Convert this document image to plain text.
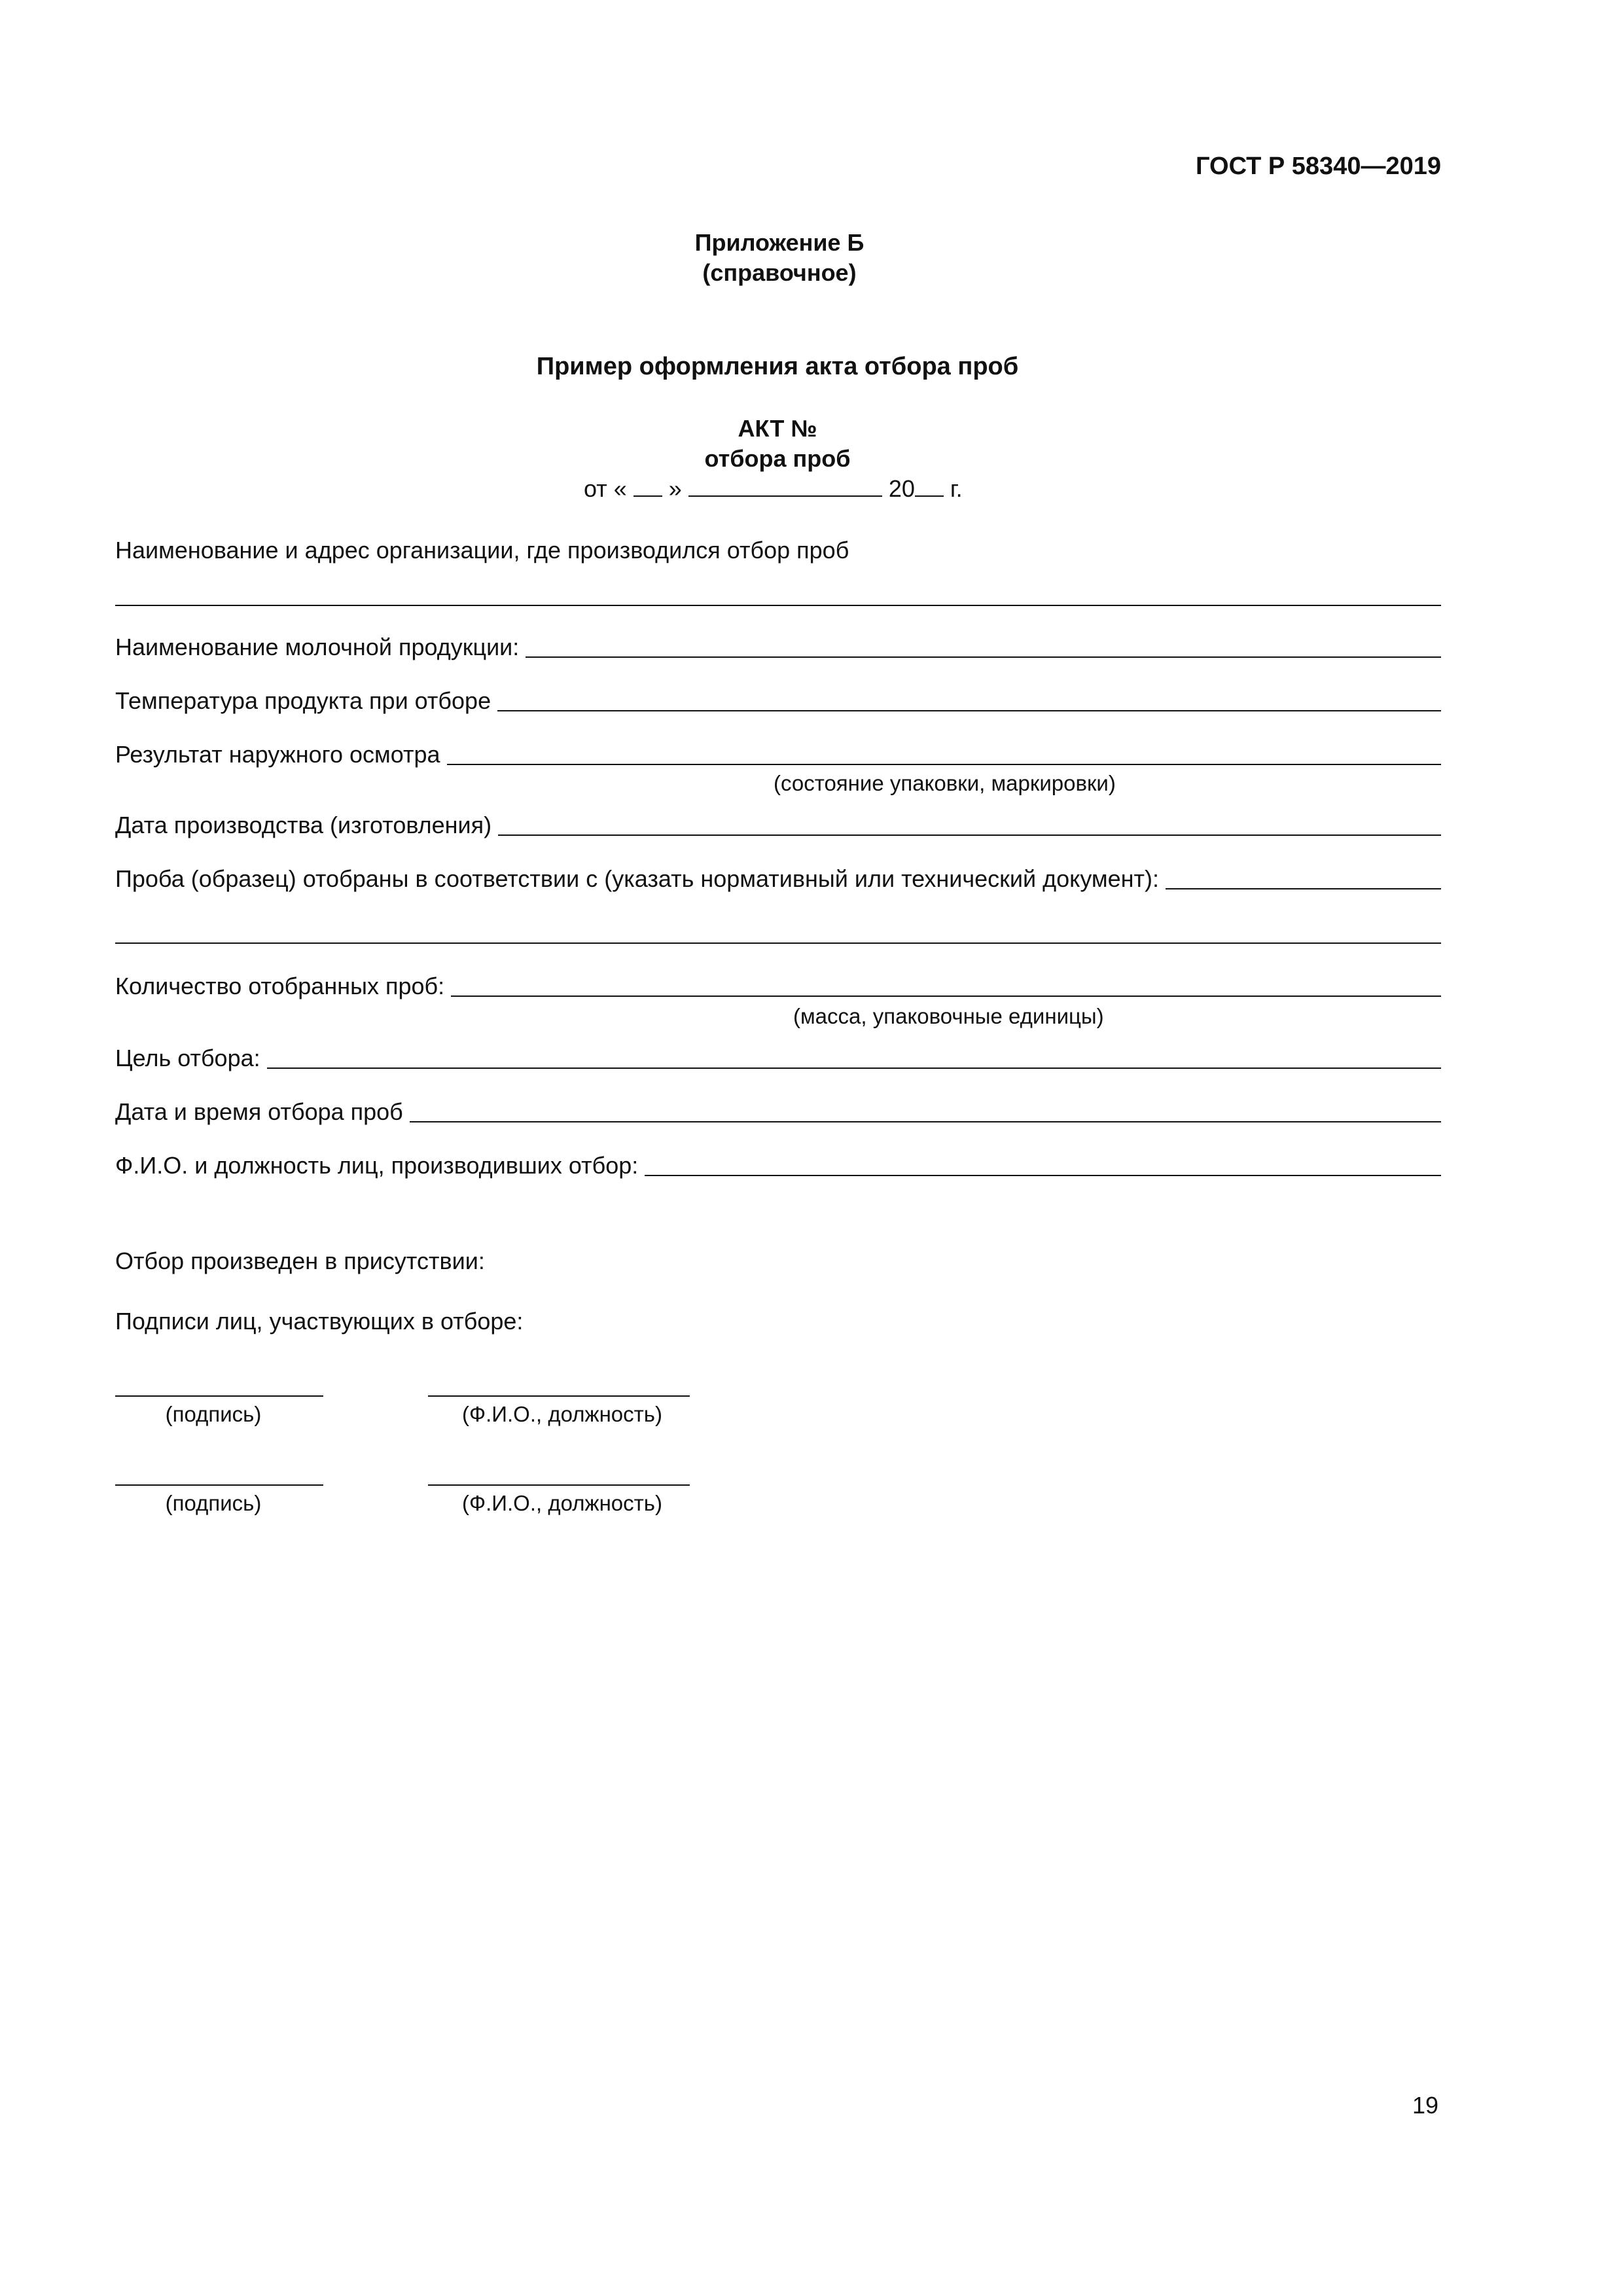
ГОСТ Р 58340—2019
Приложение Б
(справочное)
Пример оформления акта отбора проб
АКТ №
отбора проб
от « »	20 г.
Наименование и адрес организации, где производился отбор проб
Наименование молочной продукции:
Температура продукта при отборе
Результат наружного осмотра
(состояние упаковки, маркировки)
Дата производства (изготовления)
Проба (образец) отобраны в соответствии с (указать нормативный или технический документ):
Количество отобранных проб:
(масса, упаковочные единицы)
Цель отбора:
Дата и время отбора проб
Ф.И.О. и должность лиц, производивших отбор:
Отбор произведен в присутствии:
Подписи лиц, участвующих в отборе:
(подпись)	(Ф.И.О., должность)
(подпись)	(Ф.И.О., должность)
19
